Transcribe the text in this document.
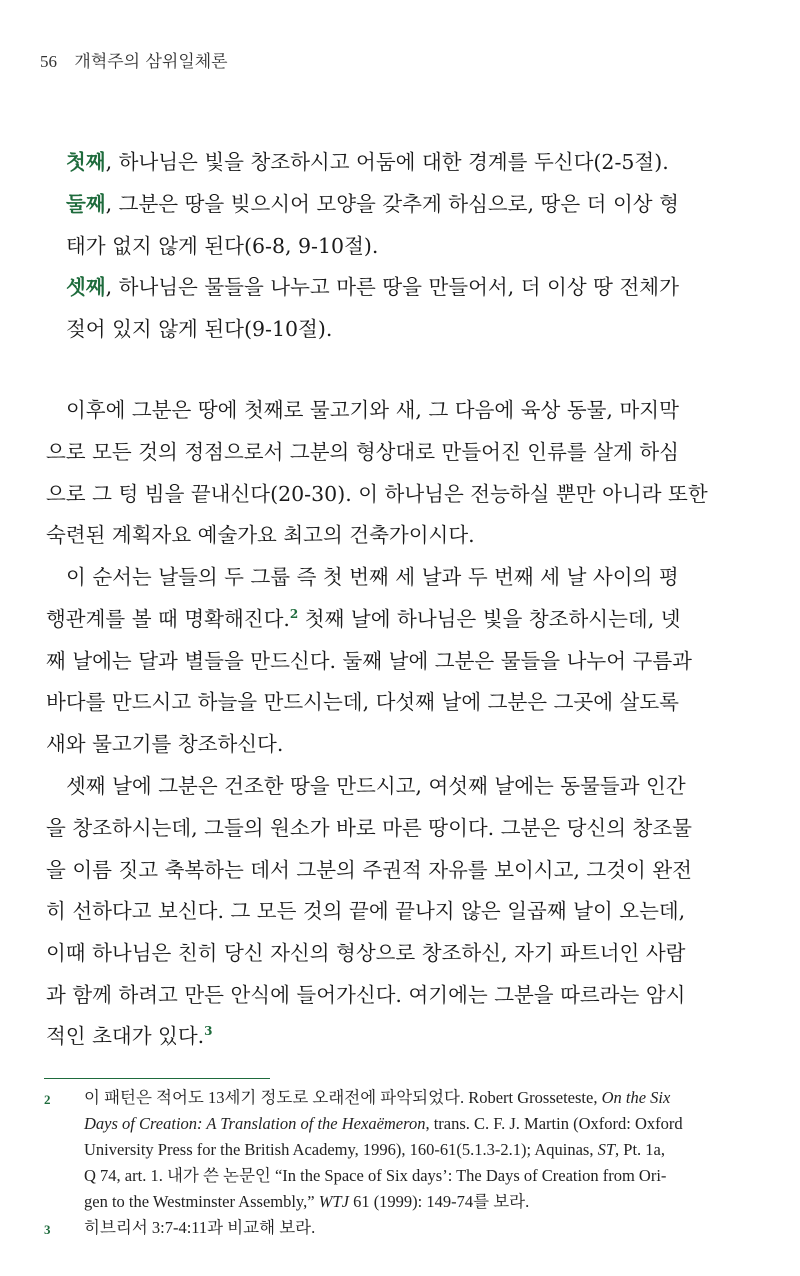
56 개혁주의 삼위일체론
첫째, 하나님은 빛을 창조하시고 어둠에 대한 경계를 두신다(2-5절).
둘째, 그분은 땅을 빚으시어 모양을 갖추게 하심으로, 땅은 더 이상 형
태가 없지 않게 된다(6-8, 9-10절).
셋째, 하나님은 물들을 나누고 마른 땅을 만들어서, 더 이상 땅 전체가
젖어 있지 않게 된다(9-10절).
이후에 그분은 땅에 첫째로 물고기와 새, 그 다음에 육상 동물, 마지막
으로 모든 것의 정점으로서 그분의 형상대로 만들어진 인류를 살게 하심
으로 그 텅 빔을 끝내신다(20-30). 이 하나님은 전능하실 뿐만 아니라 또한
숙련된 계획자요 예술가요 최고의 건축가이시다.
이 순서는 날들의 두 그룹 즉 첫 번째 세 날과 두 번째 세 날 사이의 평
행관계를 볼 때 명확해진다.$^2$ 첫째 날에 하나님은 빛을 창조하시는데, 넷
째 날에는 달과 별들을 만드신다. 둘째 날에 그분은 물들을 나누어 구름과
바다를 만드시고 하늘을 만드시는데, 다섯째 날에 그분은 그곳에 살도록
새와 물고기를 창조하신다.
셋째 날에 그분은 건조한 땅을 만드시고, 여섯째 날에는 동물들과 인간
을 창조하시는데, 그들의 원소가 바로 마른 땅이다. 그분은 당신의 창조물
을 이름 짓고 축복하는 데서 그분의 주권적 자유를 보이시고, 그것이 완전
히 선하다고 보신다. 그 모든 것의 끝에 끝나지 않은 일곱째 날이 오는데,
이때 하나님은 친히 당신 자신의 형상으로 창조하신, 자기 파트너인 사람
과 함께 하려고 만든 안식에 들어가신다. 여기에는 그분을 따르라는 암시
적인 초대가 있다.$^3$
2 이 패턴은 적어도 13세기 정도로 오래전에 파악되었다. Robert Grosseteste, On the Six
Days of Creation: A Translation of the Hexaëmeron, trans. C. F. J. Martin (Oxford: Oxford
University Press for the British Academy, 1996), 160-61(5.1.3-2.1); Aquinas, ST, Pt. 1a,
Q 74, art. 1. 내가 쓴 논문인 “In the Space of Six days’: The Days of Creation from Ori-
gen to the Westminster Assembly,” WTJ 61 (1999): 149-74를 보라.
3 히브리서 3:7-4:11과 비교해 보라.
